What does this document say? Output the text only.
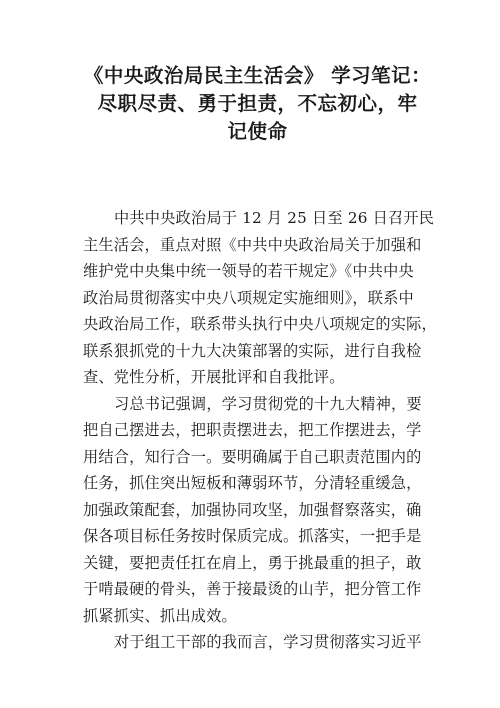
《中央政治局民主生活会》 学习笔记：
尽职尽责、勇于担责，不忘初心，牢
记使命
中共中央政治局于 12 月 25 日至 26 日召开民
主生活会，重点对照《中共中央政治局关于加强和
维护党中央集中统一领导的若干规定》《中共中央
政治局贯彻落实中央八项规定实施细则》，联系中
央政治局工作，联系带头执行中央八项规定的实际，
联系狠抓党的十九大决策部署的实际，进行自我检
查、党性分析，开展批评和自我批评。
习总书记强调，学习贯彻党的十九大精神，要
把自己摆进去，把职责摆进去，把工作摆进去，学
用结合，知行合一。要明确属于自己职责范围内的
任务，抓住突出短板和薄弱环节，分清轻重缓急，
加强政策配套，加强协同攻坚，加强督察落实，确
保各项目标任务按时保质完成。抓落实，一把手是
关键，要把责任扛在肩上，勇于挑最重的担子，敢
于啃最硬的骨头，善于接最烫的山芋，把分管工作
抓紧抓实、抓出成效。
对于组工干部的我而言，学习贯彻落实习近平
